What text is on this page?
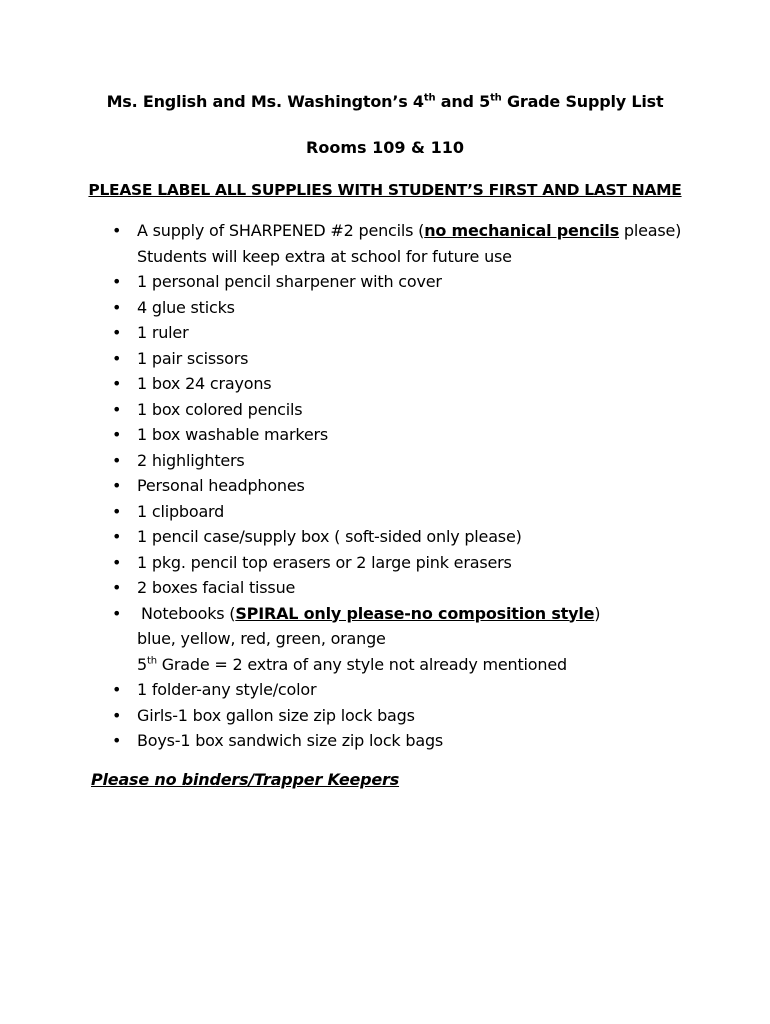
Ms. English and Ms. Washington’s 4th and 5th Grade Supply List
Rooms 109 & 110
PLEASE LABEL ALL SUPPLIES WITH STUDENT’S FIRST AND LAST NAME
• A supply of SHARPENED #2 pencils (no mechanical pencils please) Students will keep extra at school for future use
• 1 personal pencil sharpener with cover
• 4 glue sticks
• 1 ruler
• 1 pair scissors
• 1 box 24 crayons
• 1 box colored pencils
• 1 box washable markers
• 2 highlighters
• Personal headphones
• 1 clipboard
• 1 pencil case/supply box ( soft-sided only please)
• 1 pkg. pencil top erasers or 2 large pink erasers
• 2 boxes facial tissue
• Notebooks (SPIRAL only please-no composition style)
blue, yellow, red, green, orange
5th Grade = 2 extra of any style not already mentioned
• 1 folder-any style/color
• Girls-1 box gallon size zip lock bags
• Boys-1 box sandwich size zip lock bags
Please no binders/Trapper Keepers
